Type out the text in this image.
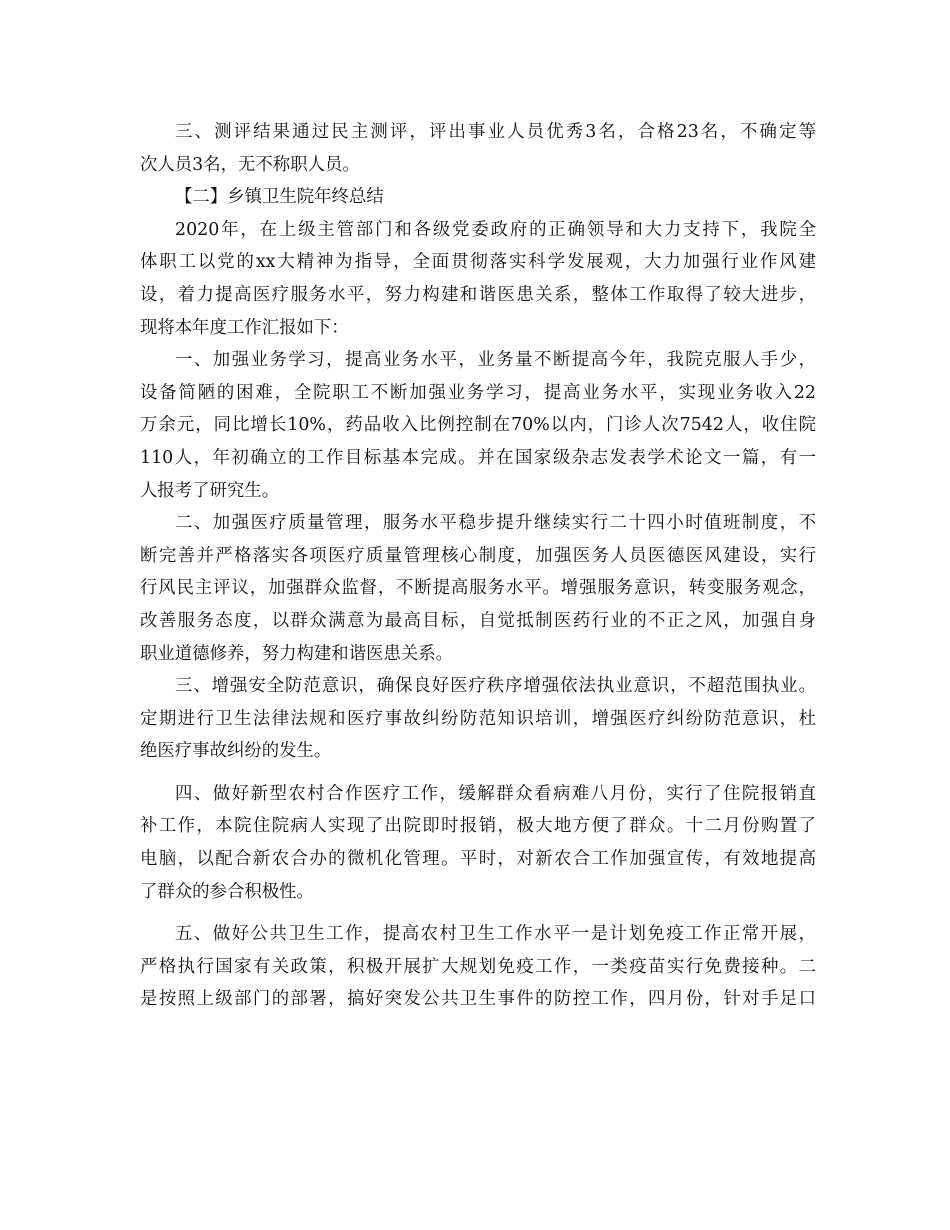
三、测评结果通过民主测评，评出事业人员优秀3名，合格23名，不确定等
次人员3名，无不称职人员。
【二】乡镇卫生院年终总结
2020年，在上级主管部门和各级党委政府的正确领导和大力支持下，我院全
体职工以党的xx大精神为指导，全面贯彻落实科学发展观，大力加强行业作风建
设，着力提高医疗服务水平，努力构建和谐医患关系，整体工作取得了较大进步，
现将本年度工作汇报如下：
一、加强业务学习，提高业务水平，业务量不断提高今年，我院克服人手少，
设备简陋的困难，全院职工不断加强业务学习，提高业务水平，实现业务收入22
万余元，同比增长10%，药品收入比例控制在70%以内，门诊人次7542人，收住院
110人，年初确立的工作目标基本完成。并在国家级杂志发表学术论文一篇，有一
人报考了研究生。
二、加强医疗质量管理，服务水平稳步提升继续实行二十四小时值班制度，不
断完善并严格落实各项医疗质量管理核心制度，加强医务人员医德医风建设，实行
行风民主评议，加强群众监督，不断提高服务水平。增强服务意识，转变服务观念，
改善服务态度，以群众满意为最高目标，自觉抵制医药行业的不正之风，加强自身
职业道德修养，努力构建和谐医患关系。
三、增强安全防范意识，确保良好医疗秩序增强依法执业意识，不超范围执业。
定期进行卫生法律法规和医疗事故纠纷防范知识培训，增强医疗纠纷防范意识，杜
绝医疗事故纠纷的发生。
四、做好新型农村合作医疗工作，缓解群众看病难八月份，实行了住院报销直
补工作，本院住院病人实现了出院即时报销，极大地方便了群众。十二月份购置了
电脑，以配合新农合办的微机化管理。平时，对新农合工作加强宣传，有效地提高
了群众的参合积极性。
五、做好公共卫生工作，提高农村卫生工作水平一是计划免疫工作正常开展，
严格执行国家有关政策，积极开展扩大规划免疫工作，一类疫苗实行免费接种。二
是按照上级部门的部署，搞好突发公共卫生事件的防控工作，四月份，针对手足口
